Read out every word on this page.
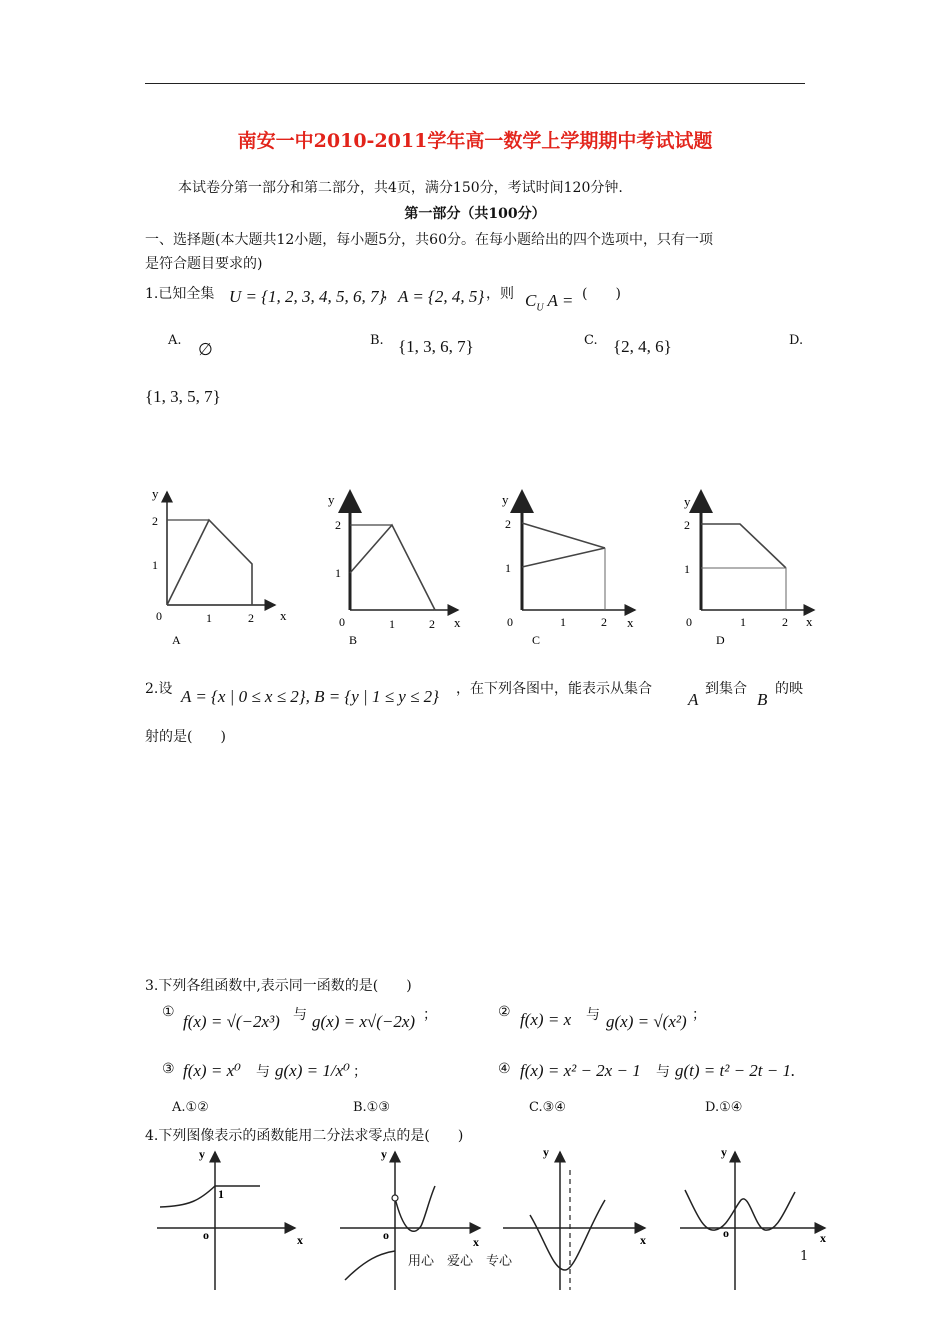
南安一中2010-2011学年高一数学上学期期中考试试题
本试卷分第一部分和第二部分，共4页，满分150分，考试时间120分钟.
第一部分（共100分）
一、选择题(本大题共12小题，每小题5分，共60分。在每小题给出的四个选项中，只有一项
是符合题目要求的)
1.已知全集 U = {1, 2, 3, 4, 5, 6, 7}
， A = {2, 4, 5} ，则 $C_U$ A = (　　)
A. ∅	B. {1, 3, 6, 7}	C. {2, 4, 6}	D.
{1, 3, 5, 7}
y
x
0	1	2
1
2
A
y
x
0	1	2
1
2
B
y
x
0	1	2
1
2
C
y
x
0	1	2
1
2
D
2.设 A = {x | 0 ≤ x ≤ 2}, B = {y | 1 ≤ y ≤ 2} ，在下列各图中，能表示从集合
A
到集合
B
的映
射的是(　　)
3.下列各组函数中,表示同一函数的是(　　)
① f(x) = √(−2x³) 与 g(x) = x√(−2x) ；	② f(x) = x 与 g(x) = √(x²) ；
③ f(x) = x⁰ 与 g(x) = 1/x⁰ ；	④ f(x) = x² − 2x − 1 与 g(t) = t² − 2t − 1.
A.①②	B.①③	C.③④	D.①④
4.下列图像表示的函数能用二分法求零点的是(　　)
y
x
o
1
y
x
o
y
x
y
x
o
用心　爱心　专心	1
